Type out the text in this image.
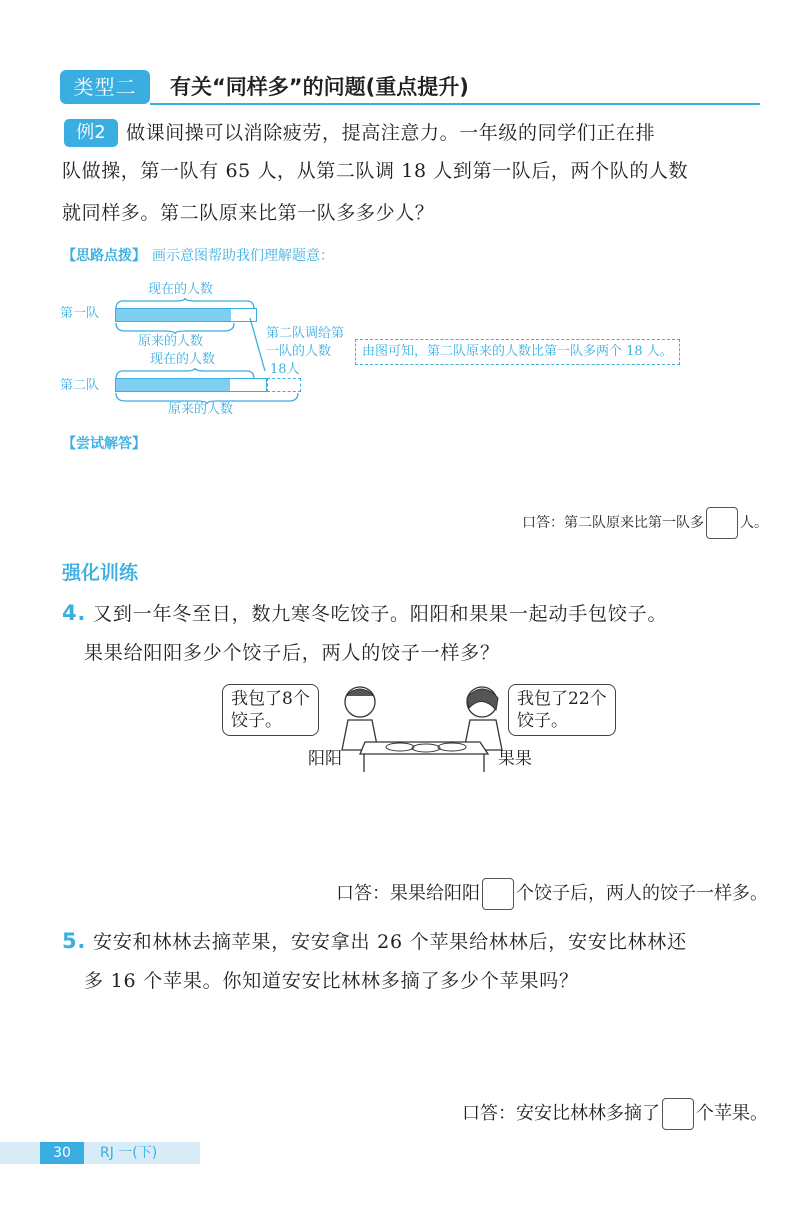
类型二	有关“同样多”的问题(重点提升)
例2	做课间操可以消除疲劳，提高注意力。一年级的同学们正在排
队做操，第一队有 65 人，从第二队调 18 人到第一队后，两个队的人数
就同样多。第二队原来比第一队多多少人？
【思路点拨】 画示意图帮助我们理解题意：
现在的人数
第一队
原来的人数
第二队调给第
一队的人数
现在的人数
18人
第二队
原来的人数
由图可知，第二队原来的人数比第一队多两个 18 人。
【尝试解答】
口答：第二队原来比第一队多	人。
强化训练
4. 又到一年冬至日，数九寒冬吃饺子。阳阳和果果一起动手包饺子。
果果给阳阳多少个饺子后，两人的饺子一样多？
我包了8个
饺子。
我包了22个
饺子。
阳阳	果果
口答：果果给阳阳 个饺子后，两人的饺子一样多。
5. 安安和林林去摘苹果，安安拿出 26 个苹果给林林后，安安比林林还
多 16 个苹果。你知道安安比林林多摘了多少个苹果吗？
口答：安安比林林多摘了 个苹果。
30	RJ 一(下)
